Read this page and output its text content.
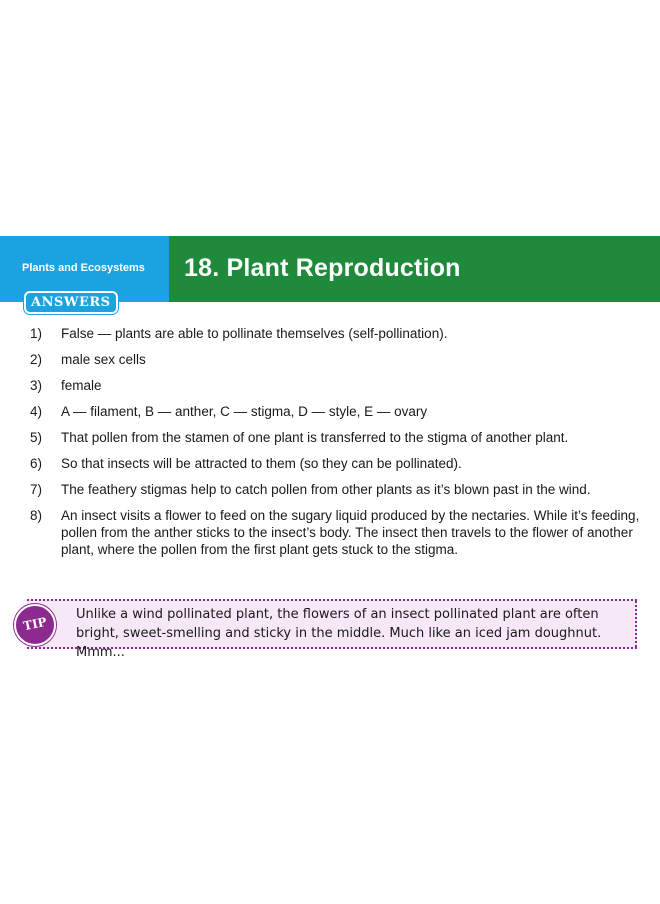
Plants and Ecosystems 18. Plant Reproduction
ANSWERS
1)	False — plants are able to pollinate themselves (self-pollination).
2)	male sex cells
3)	female
4)	A — filament, B — anther, C — stigma, D — style, E — ovary
5)	That pollen from the stamen of one plant is transferred to the stigma of another plant.
6)	So that insects will be attracted to them (so they can be pollinated).
7)	The feathery stigmas help to catch pollen from other plants as it’s blown past in the wind.
8)	An insect visits a flower to feed on the sugary liquid produced by the nectaries. While it’s feeding, pollen from the anther sticks to the insect’s body. The insect then travels to the flower of another plant, where the pollen from the first plant gets stuck to the stigma.
TIP
Unlike a wind pollinated plant, the flowers of an insect pollinated plant are often bright, sweet-smelling and sticky in the middle. Much like an iced jam doughnut. Mmm...
